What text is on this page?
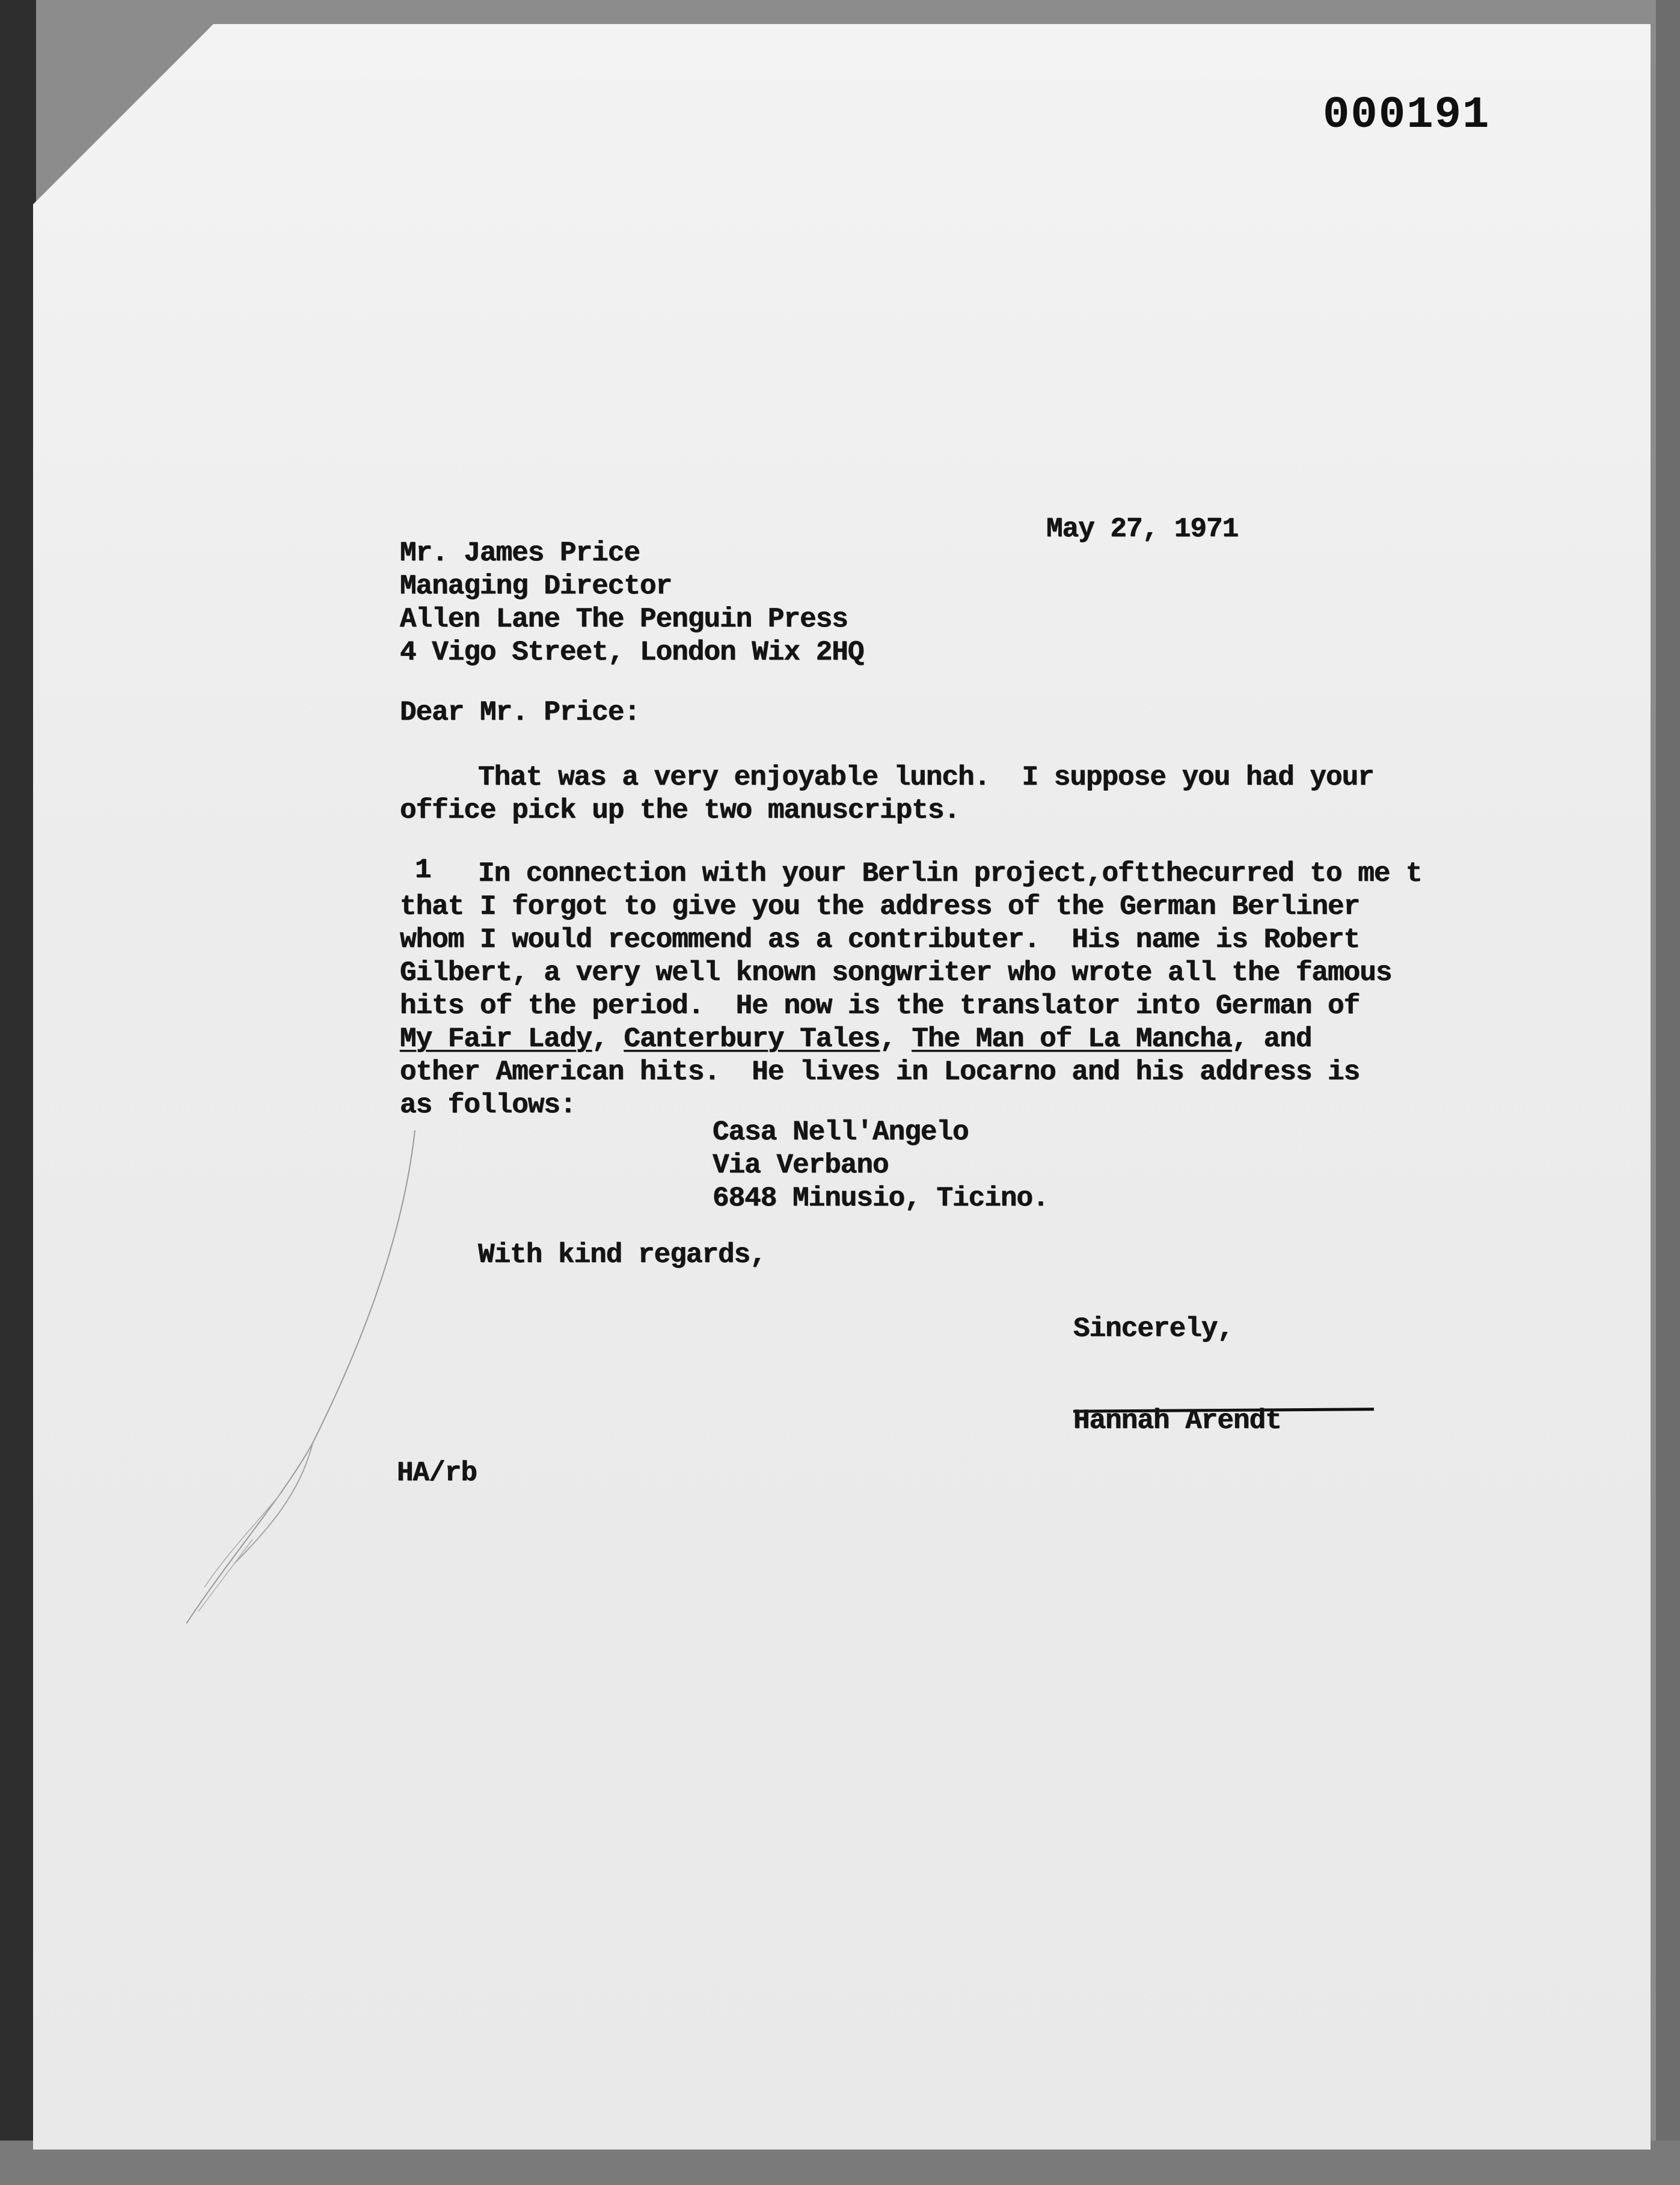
000191
May 27, 1971
Mr. James Price
Managing Director
Allen Lane The Penguin Press
4 Vigo Street, London Wix 2HQ
Dear Mr. Price:
That was a very enjoyable lunch.  I suppose you had your
office pick up the two manuscripts.
1 In connection with your Berlin project,oftthecurred to me t
that I forgot to give you the address of the German Berliner
whom I would recommend as a contributer.  His name is Robert
Gilbert, a very well known songwriter who wrote all the famous
hits of the period.  He now is the translator into German of
My Fair Lady, Canterbury Tales, The Man of La Mancha, and
other American hits.  He lives in Locarno and his address is
as follows:
Casa Nell'Angelo
Via Verbano
6848 Minusio, Ticino.
With kind regards,
Sincerely,
Hannah Arendt
HA/rb
